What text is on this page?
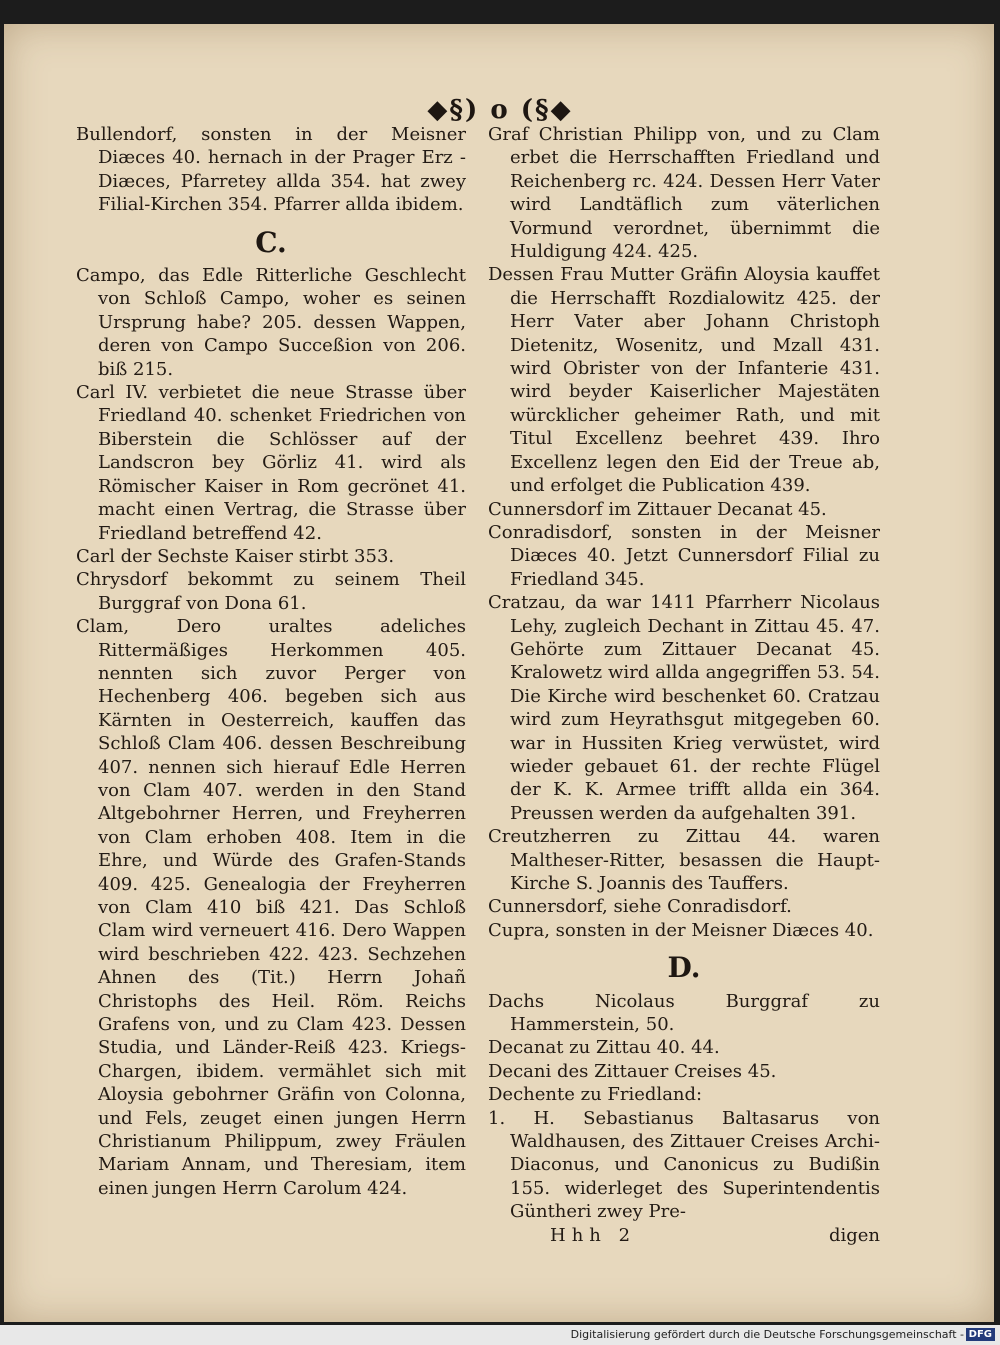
◆§) o (§◆

Bullendorf, sonsten in der Meisner Diæces 40. hernach in der Prager Erz - Diæces, Pfarretey allda 354. hat zwey Filial-Kirchen 354. Pfarrer allda ibidem.

C.

Campo, das Edle Ritterliche Geschlecht von Schloß Campo, woher es seinen Ursprung habe? 205. dessen Wappen, deren von Campo Succeßion von 206. biß 215.

Carl IV. verbietet die neue Strasse über Friedland 40. schenket Friedrichen von Biberstein die Schlösser auf der Landscron bey Görliz 41. wird als Römischer Kaiser in Rom gecrönet 41. macht einen Vertrag, die Strasse über Friedland betreffend 42.

Carl der Sechste Kaiser stirbt 353.

Chrysdorf bekommt zu seinem Theil Burggraf von Dona 61.

Clam, Dero uraltes adeliches Rittermäßiges Herkommen 405. nennten sich zuvor Perger von Hechenberg 406. begeben sich aus Kärnten in Oesterreich, kauffen das Schloß Clam 406. dessen Beschreibung 407. nennen sich hierauf Edle Herren von Clam 407. werden in den Stand Altgebohrner Herren, und Freyherren von Clam erhoben 408. Item in die Ehre, und Würde des Grafen-Stands 409. 425. Genealogia der Freyherren von Clam 410 biß 421. Das Schloß Clam wird verneuert 416. Dero Wappen wird beschrieben 422. 423. Sechzehen Ahnen des (Tit.) Herrn Johañ Christophs des Heil. Röm. Reichs Grafens von, und zu Clam 423. Dessen Studia, und Länder-Reiß 423. Kriegs-Chargen, ibidem. vermählet sich mit Aloysia gebohrner Gräfin von Colonna, und Fels, zeuget einen jungen Herrn Christianum Philippum, zwey Fräulen Mariam Annam, und Theresiam, item einen jungen Herrn Carolum 424.

Graf Christian Philipp von, und zu Clam erbet die Herrschafften Friedland und Reichenberg rc. 424. Dessen Herr Vater wird Landtäflich zum väterlichen Vormund verordnet, übernimmt die Huldigung 424. 425.

Dessen Frau Mutter Gräfin Aloysia kauffet die Herrschafft Rozdialowitz 425. der Herr Vater aber Johann Christoph Dietenitz, Wosenitz, und Mzall 431. wird Obrister von der Infanterie 431. wird beyder Kaiserlicher Majestäten würcklicher geheimer Rath, und mit Titul Excellenz beehret 439. Ihro Excellenz legen den Eid der Treue ab, und erfolget die Publication 439.

Cunnersdorf im Zittauer Decanat 45.

Conradisdorf, sonsten in der Meisner Diæces 40. Jetzt Cunnersdorf Filial zu Friedland 345.

Cratzau, da war 1411 Pfarrherr Nicolaus Lehy, zugleich Dechant in Zittau 45. 47. Gehörte zum Zittauer Decanat 45. Kralowetz wird allda angegriffen 53. 54. Die Kirche wird beschenket 60. Cratzau wird zum Heyrathsgut mitgegeben 60. war in Hussiten Krieg verwüstet, wird wieder gebauet 61. der rechte Flügel der K. K. Armee trifft allda ein 364. Preussen werden da aufgehalten 391.

Creutzherren zu Zittau 44. waren Maltheser-Ritter, besassen die Haupt-Kirche S. Joannis des Tauffers.

Cunnersdorf, siehe Conradisdorf.

Cupra, sonsten in der Meisner Diæces 40.

D.

Dachs Nicolaus Burggraf zu Hammerstein, 50.

Decanat zu Zittau 40. 44.

Decani des Zittauer Creises 45.

Dechente zu Friedland:

1. H. Sebastianus Baltasarus von Waldhausen, des Zittauer Creises Archi-Diaconus, und Canonicus zu Budißin 155. widerleget des Superintendentis Güntheri zwey Pre-

Hhh 2	digen
Digitalisierung gefördert durch die Deutsche Forschungsgemeinschaft - DFG
